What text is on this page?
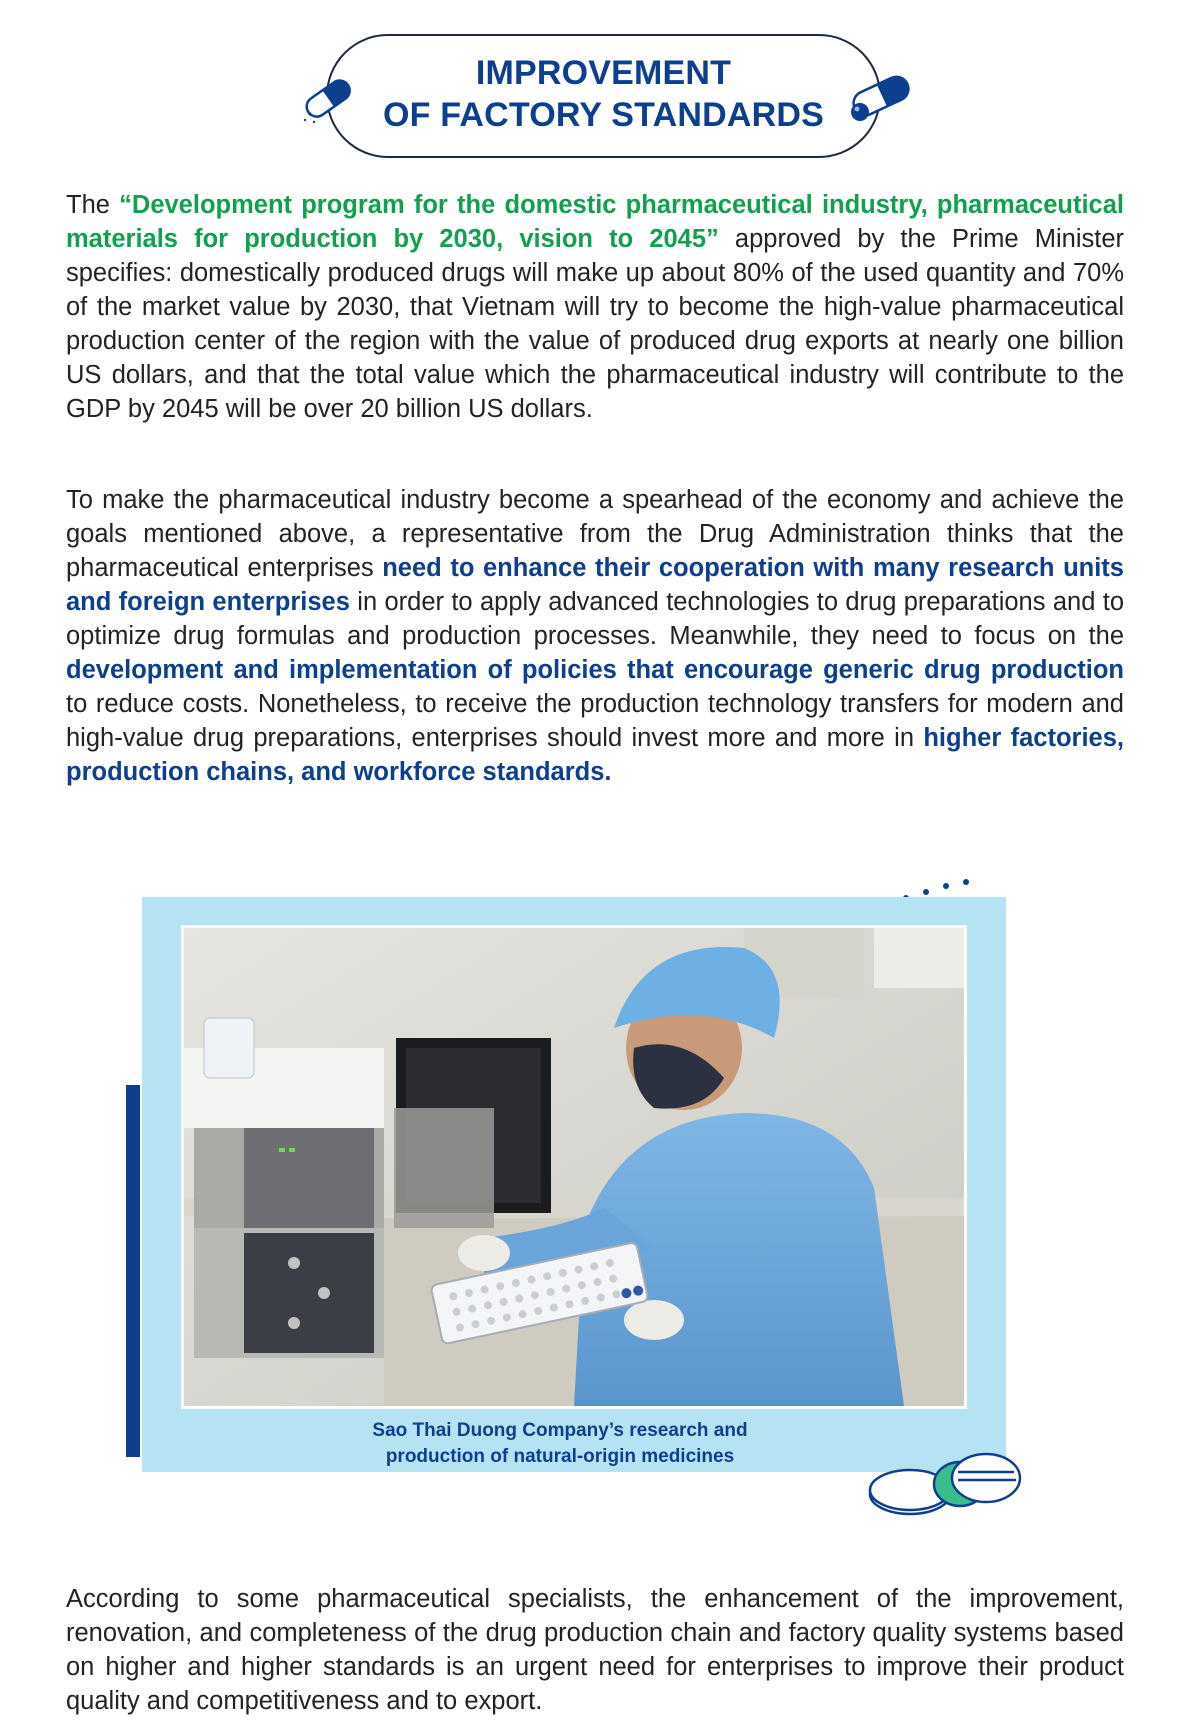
IMPROVEMENT
OF FACTORY STANDARDS
The “Development program for the domestic pharmaceutical industry, pharmaceutical materials for production by 2030, vision to 2045” approved by the Prime Minister specifies: domestically produced drugs will make up about 80% of the used quantity and 70% of the market value by 2030, that Vietnam will try to become the high-value pharmaceutical production center of the region with the value of produced drug exports at nearly one billion US dollars, and that the total value which the pharmaceutical industry will contribute to the GDP by 2045 will be over 20 billion US dollars.
To make the pharmaceutical industry become a spearhead of the economy and achieve the goals mentioned above, a representative from the Drug Administration thinks that the pharmaceutical enterprises need to enhance their cooperation with many research units and foreign enterprises in order to apply advanced technologies to drug preparations and to optimize drug formulas and production processes. Meanwhile, they need to focus on the development and implementation of policies that encourage generic drug production to reduce costs. Nonetheless, to receive the production technology transfers for modern and high-value drug preparations, enterprises should invest more and more in higher factories, production chains, and workforce standards.
Sao Thai Duong Company’s research and
production of natural-origin medicines
According to some pharmaceutical specialists, the enhancement of the improvement, renovation, and completeness of the drug production chain and factory quality systems based on higher and higher standards is an urgent need for enterprises to improve their product quality and competitiveness and to export.
